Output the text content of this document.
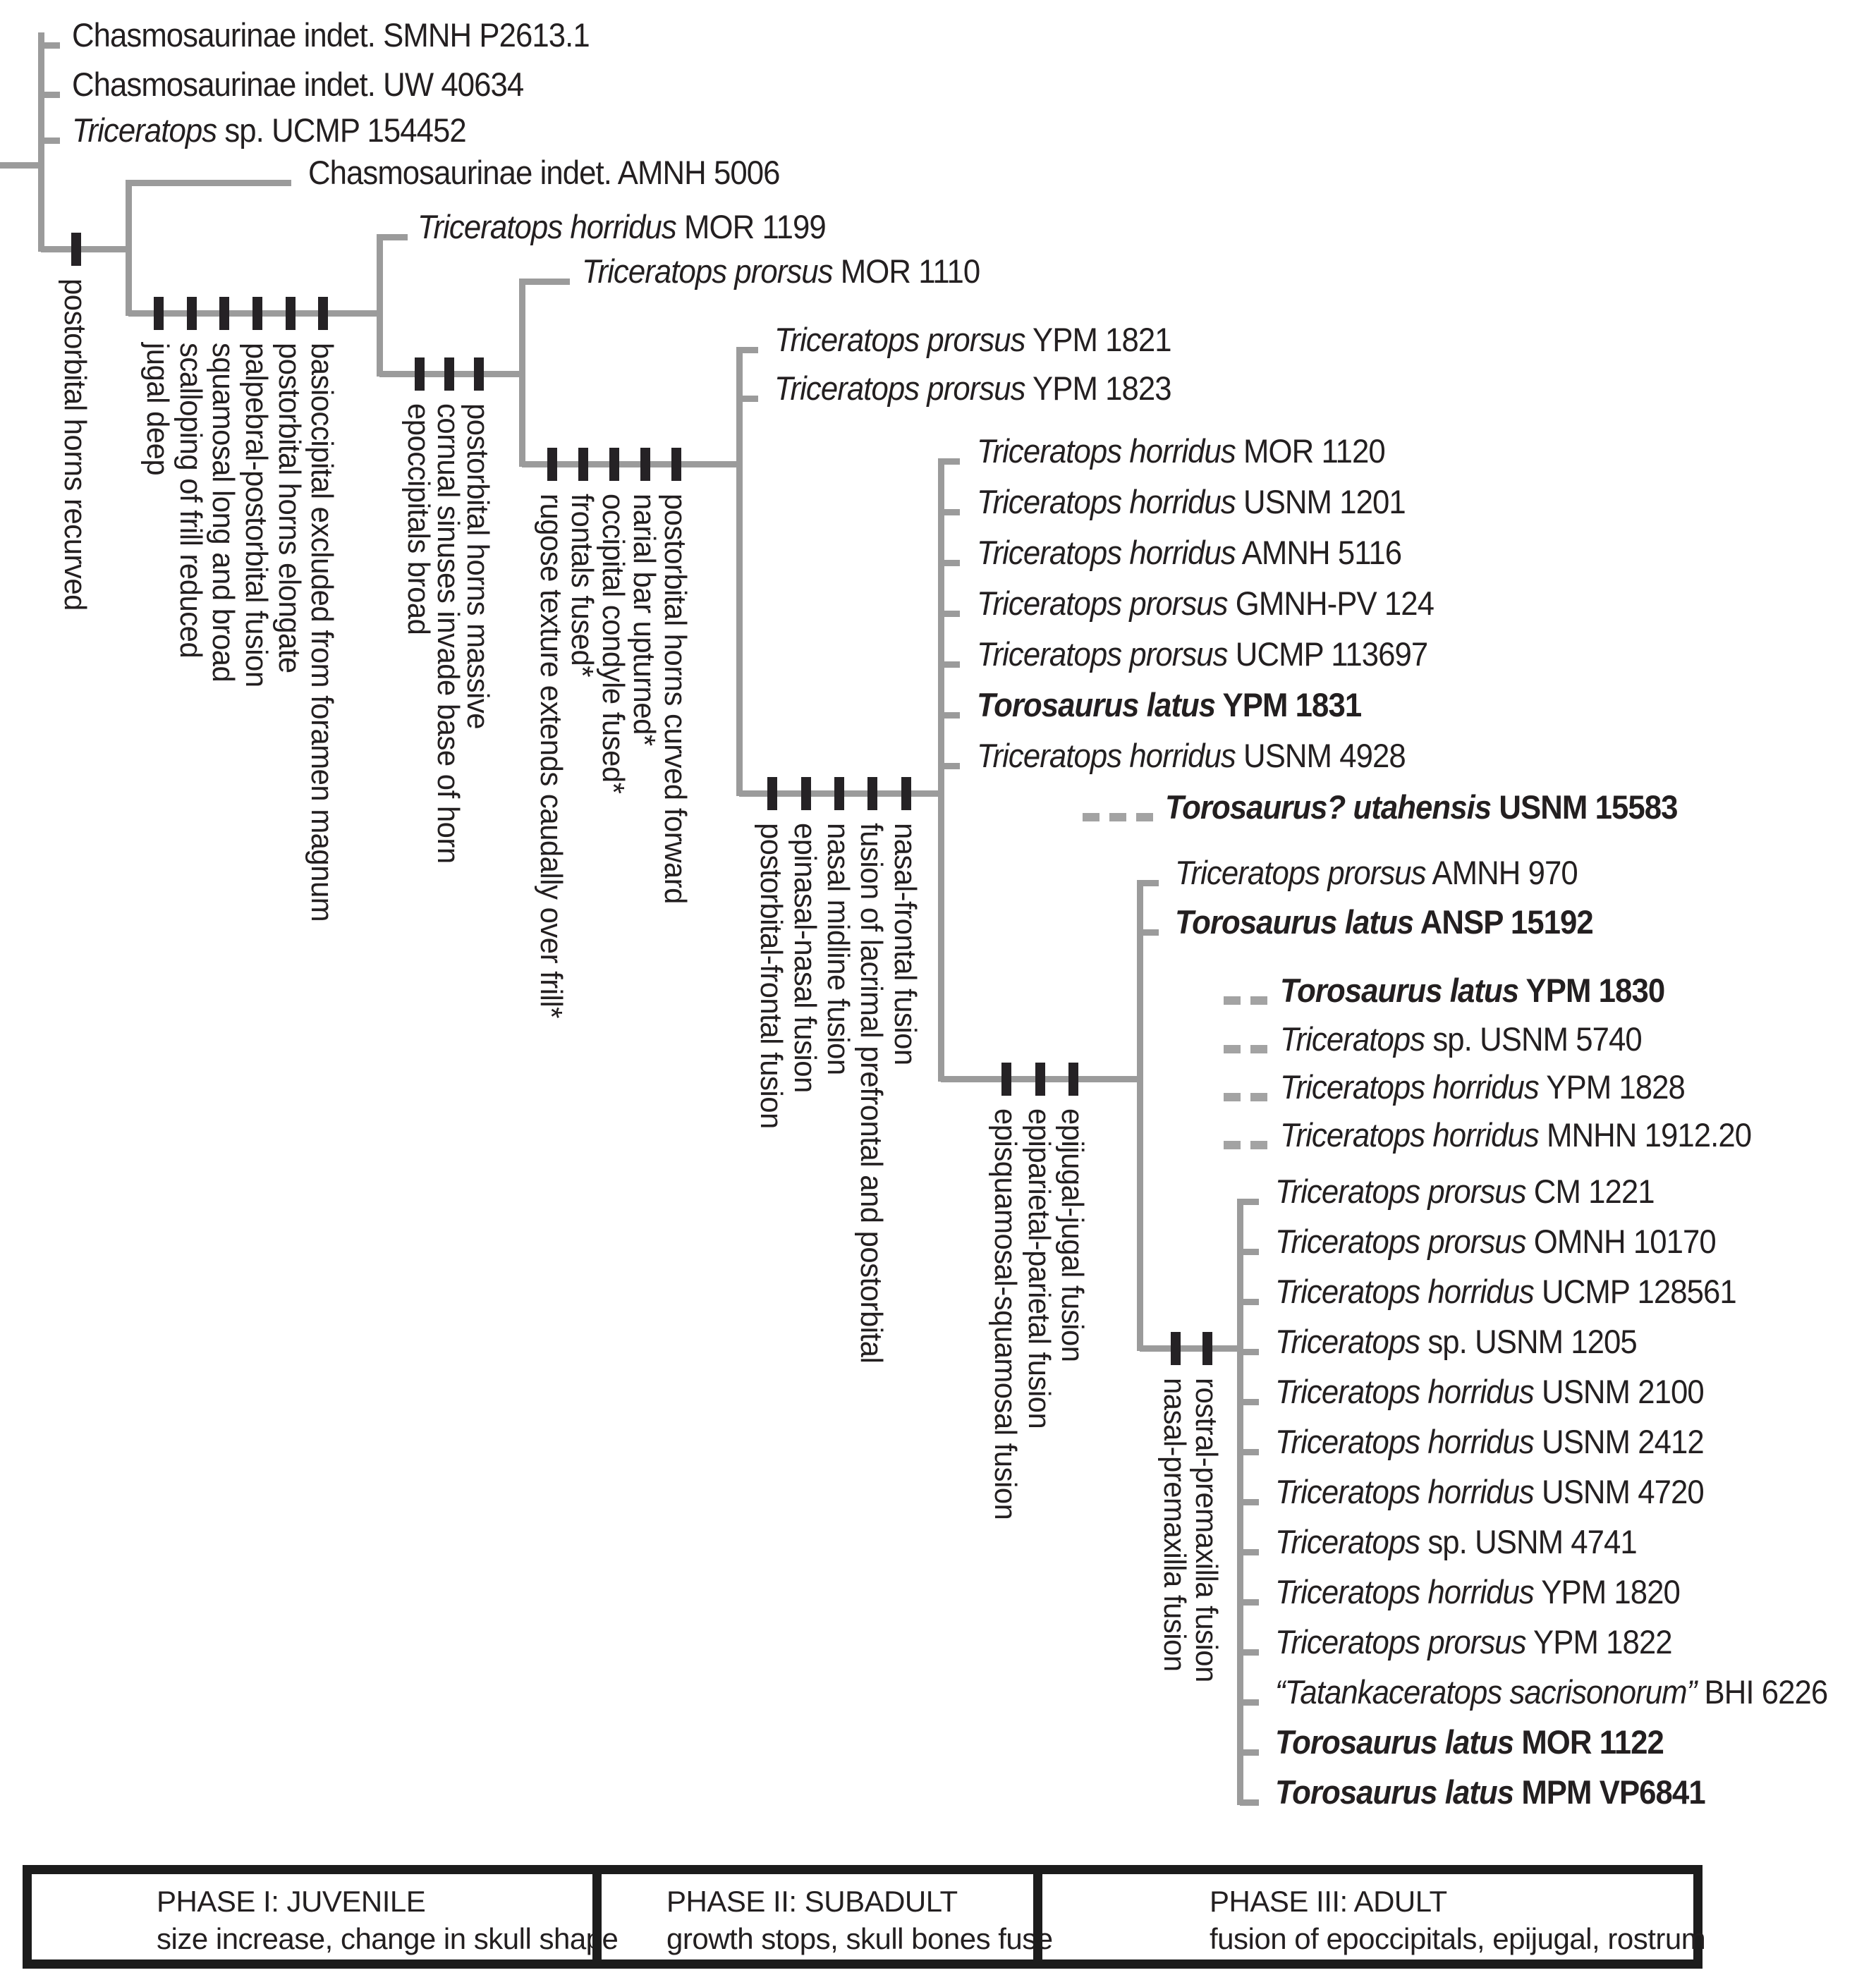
postorbital horns recurved jugal deep
scalloping of frill reduced
squamosal long and broad
palpebral-postorbital fusion
postorbital horns elongate
basioccipital excluded from foramen magnum epoccipitals broad
cornual sinuses invade base of horn
postorbital horns massive rugose texture extends caudally over frill*
frontals fused*
occipital condyle fused*
narial bar upturned*
postorbital horns curved forward
postorbital-frontal fusion epinasal-nasal fusion
nasal midline fusion
fusion of lacrimal prefrontal and postorbital nasal-frontal fusion
episquamosal-squamosal fusion epiparietal-parietal fusion
epijugal-jugal fusion
nasal-premaxilla fusion
rostral-premaxilla fusion
Chasmosaurinae indet. SMNH P2613.1
Chasmosaurinae indet. UW 40634
Triceratops sp. UCMP 154452
Chasmosaurinae indet. AMNH 5006
Triceratops horridus MOR 1199
Triceratops prorsus MOR 1110
Triceratops prorsus YPM 1821
Triceratops prorsus YPM 1823
Triceratops horridus MOR 1120
Triceratops horridus USNM 1201
Triceratops horridus AMNH 5116
Triceratops prorsus GMNH-PV 124
Triceratops prorsus UCMP 113697
Torosaurus latus YPM 1831
Triceratops horridus USNM 4928
Torosaurus? utahensis USNM 15583
Triceratops prorsus AMNH 970
Torosaurus latus ANSP 15192
Torosaurus latus YPM 1830
Triceratops sp. USNM 5740
Triceratops horridus YPM 1828
Triceratops horridus MNHN 1912.20
Triceratops prorsus CM 1221
Triceratops prorsus OMNH 10170
Triceratops horridus UCMP 128561
Triceratops sp. USNM 1205
Triceratops horridus USNM 2100
Triceratops horridus USNM 2412
Triceratops horridus USNM 4720
Triceratops sp. USNM 4741
Triceratops horridus YPM 1820
Triceratops prorsus YPM 1822
“Tatankaceratops sacrisonorum” BHI 6226
Torosaurus latus MOR 1122
Torosaurus latus MPM VP6841
PHASE I: JUVENILE
size increase, change in skull shape
PHASE II: SUBADULT
growth stops, skull bones fuse
PHASE III: ADULT
fusion of epoccipitals, epijugal, rostrum
